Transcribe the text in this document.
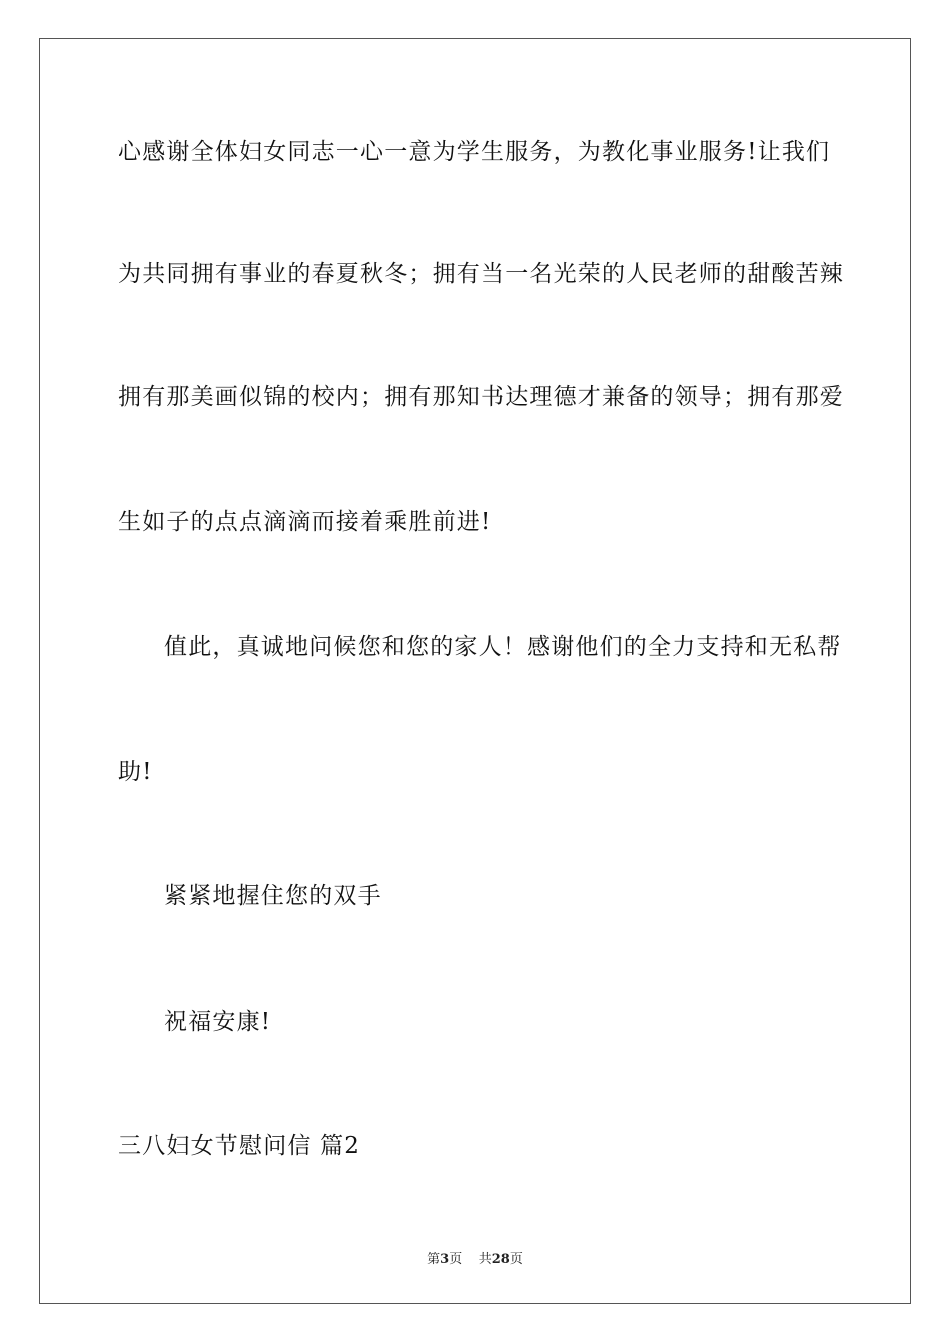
心感谢全体妇女同志一心一意为学生服务，为教化事业服务!让我们
为共同拥有事业的春夏秋冬；拥有当一名光荣的人民老师的甜酸苦辣
拥有那美画似锦的校内；拥有那知书达理德才兼备的领导；拥有那爱
生如子的点点滴滴而接着乘胜前进!
值此，真诚地问候您和您的家人！感谢他们的全力支持和无私帮
助!
紧紧地握住您的双手
祝福安康!
三八妇女节慰问信 篇2
第3页 共28页
